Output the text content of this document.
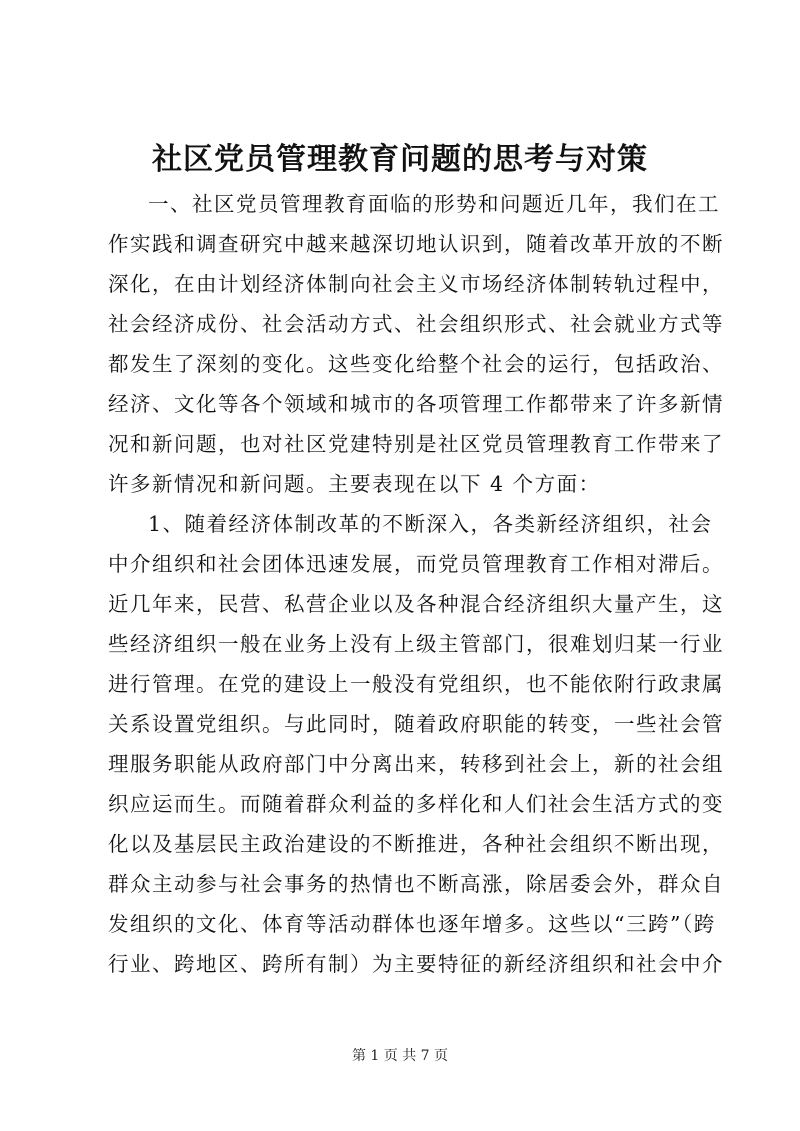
社区党员管理教育问题的思考与对策
一、社区党员管理教育面临的形势和问题近几年，我们在工
作实践和调查研究中越来越深切地认识到，随着改革开放的不断
深化，在由计划经济体制向社会主义市场经济体制转轨过程中，
社会经济成份、社会活动方式、社会组织形式、社会就业方式等
都发生了深刻的变化。这些变化给整个社会的运行，包括政治、
经济、文化等各个领域和城市的各项管理工作都带来了许多新情
况和新问题，也对社区党建特别是社区党员管理教育工作带来了
许多新情况和新问题。主要表现在以下 4 个方面：
1、随着经济体制改革的不断深入，各类新经济组织，社会
中介组织和社会团体迅速发展，而党员管理教育工作相对滞后。
近几年来，民营、私营企业以及各种混合经济组织大量产生，这
些经济组织一般在业务上没有上级主管部门，很难划归某一行业
进行管理。在党的建设上一般没有党组织，也不能依附行政隶属
关系设置党组织。与此同时，随着政府职能的转变，一些社会管
理服务职能从政府部门中分离出来，转移到社会上，新的社会组
织应运而生。而随着群众利益的多样化和人们社会生活方式的变
化以及基层民主政治建设的不断推进，各种社会组织不断出现，
群众主动参与社会事务的热情也不断高涨，除居委会外，群众自
发组织的文化、体育等活动群体也逐年增多。这些以“三跨”（跨
行业、跨地区、跨所有制）为主要特征的新经济组织和社会中介
第 1 页 共 7 页
